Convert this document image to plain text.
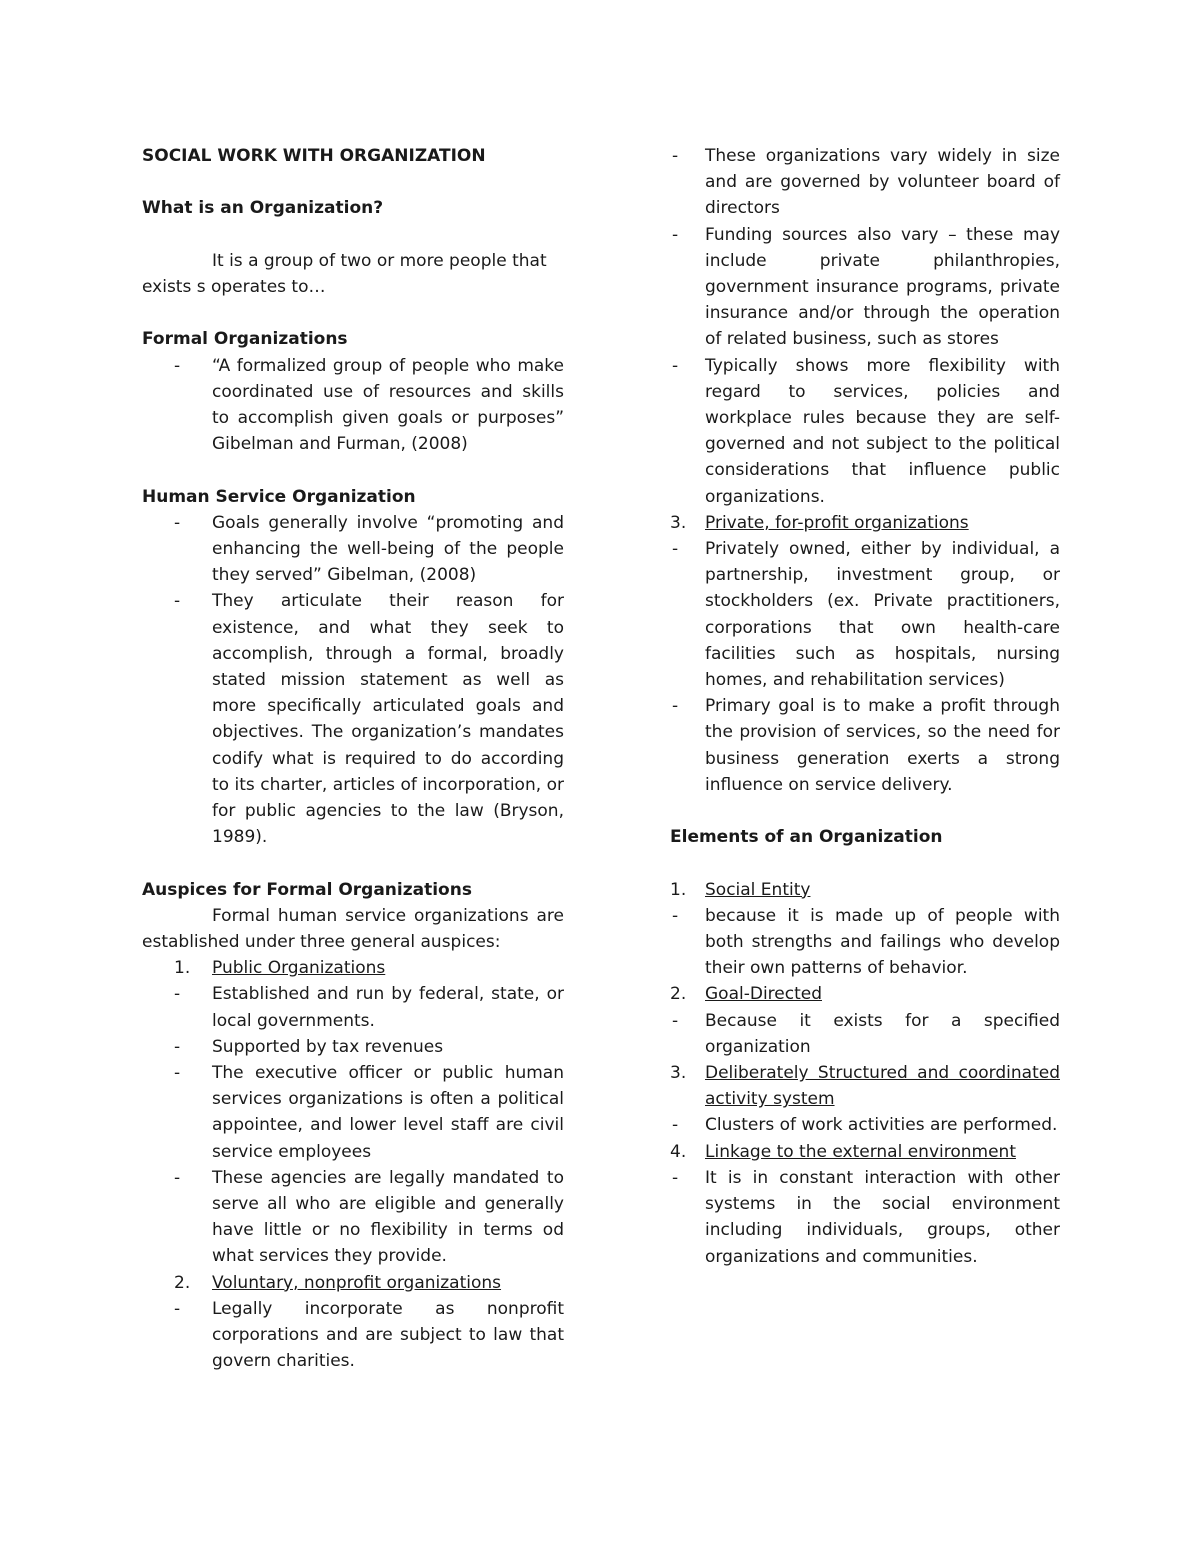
SOCIAL WORK WITH ORGANIZATION

What is an Organization?

It is a group of two or more people that exists s operates to…

Formal Organizations
- “A formalized group of people who make coordinated use of resources and skills to accomplish given goals or purposes” Gibelman and Furman, (2008)
Human Service Organization
- Goals generally involve “promoting and enhancing the well-being of the people they served” Gibelman, (2008)
- They articulate their reason for existence, and what they seek to accomplish, through a formal, broadly stated mission statement as well as more specifically articulated goals and objectives. The organization’s mandates codify what is required to do according to its charter, articles of incorporation, or for public agencies to the law (Bryson, 1989).
Auspices for Formal Organizations

Formal human service organizations are established under three general auspices:

1. Public Organizations
- Established and run by federal, state, or local governments.
- Supported by tax revenues
- The executive officer or public human services organizations is often a political appointee, and lower level staff are civil service employees
- These agencies are legally mandated to serve all who are eligible and generally have little or no flexibility in terms od what services they provide.
2. Voluntary, nonprofit organizations
- Legally incorporate as nonprofit corporations and are subject to law that govern charities.
- These organizations vary widely in size and are governed by volunteer board of directors
- Funding sources also vary – these may include private philanthropies, government insurance programs, private insurance and/or through the operation of related business, such as stores
- Typically shows more flexibility with regard to services, policies and workplace rules because they are self-governed and not subject to the political considerations that influence public organizations.
3. Private, for-profit organizations
- Privately owned, either by individual, a partnership, investment group, or stockholders (ex. Private practitioners, corporations that own health-care facilities such as hospitals, nursing homes, and rehabilitation services)
- Primary goal is to make a profit through the provision of services, so the need for business generation exerts a strong influence on service delivery.
Elements of an Organization
1. Social Entity
- because it is made up of people with both strengths and failings who develop their own patterns of behavior.
2. Goal-Directed
- Because it exists for a specified organization
3. Deliberately Structured and coordinated activity system
- Clusters of work activities are performed.
4. Linkage to the external environment
- It is in constant interaction with other systems in the social environment including individuals, groups, other organizations and communities.
